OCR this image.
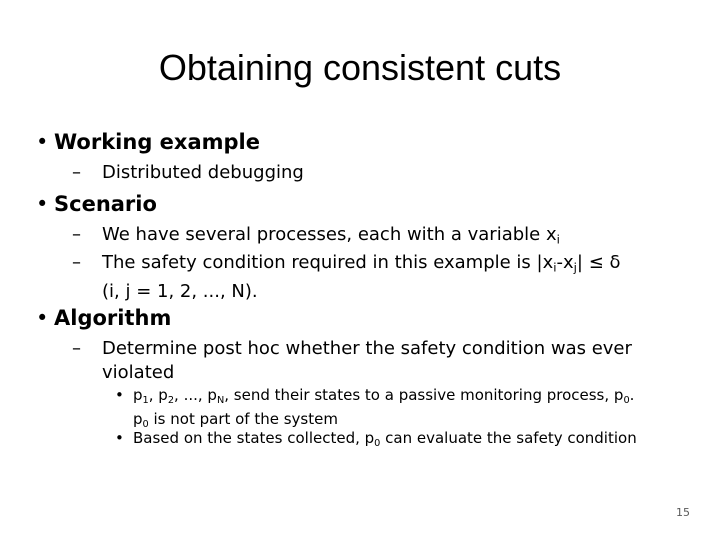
Obtaining consistent cuts
• Working example
– Distributed debugging
• Scenario
– We have several processes, each with a variable $x_i$
– The safety condition required in this example is $|x_i-x_j| \le \delta$
(i, j = 1, 2, ..., N).
• Algorithm
– Determine post hoc whether the safety condition was ever
violated
• $p_1$, $p_2$, ..., $p_N$, send their states to a passive monitoring process, $p_0$.
$p_0$ is not part of the system
• Based on the states collected, $p_0$ can evaluate the safety condition
15
